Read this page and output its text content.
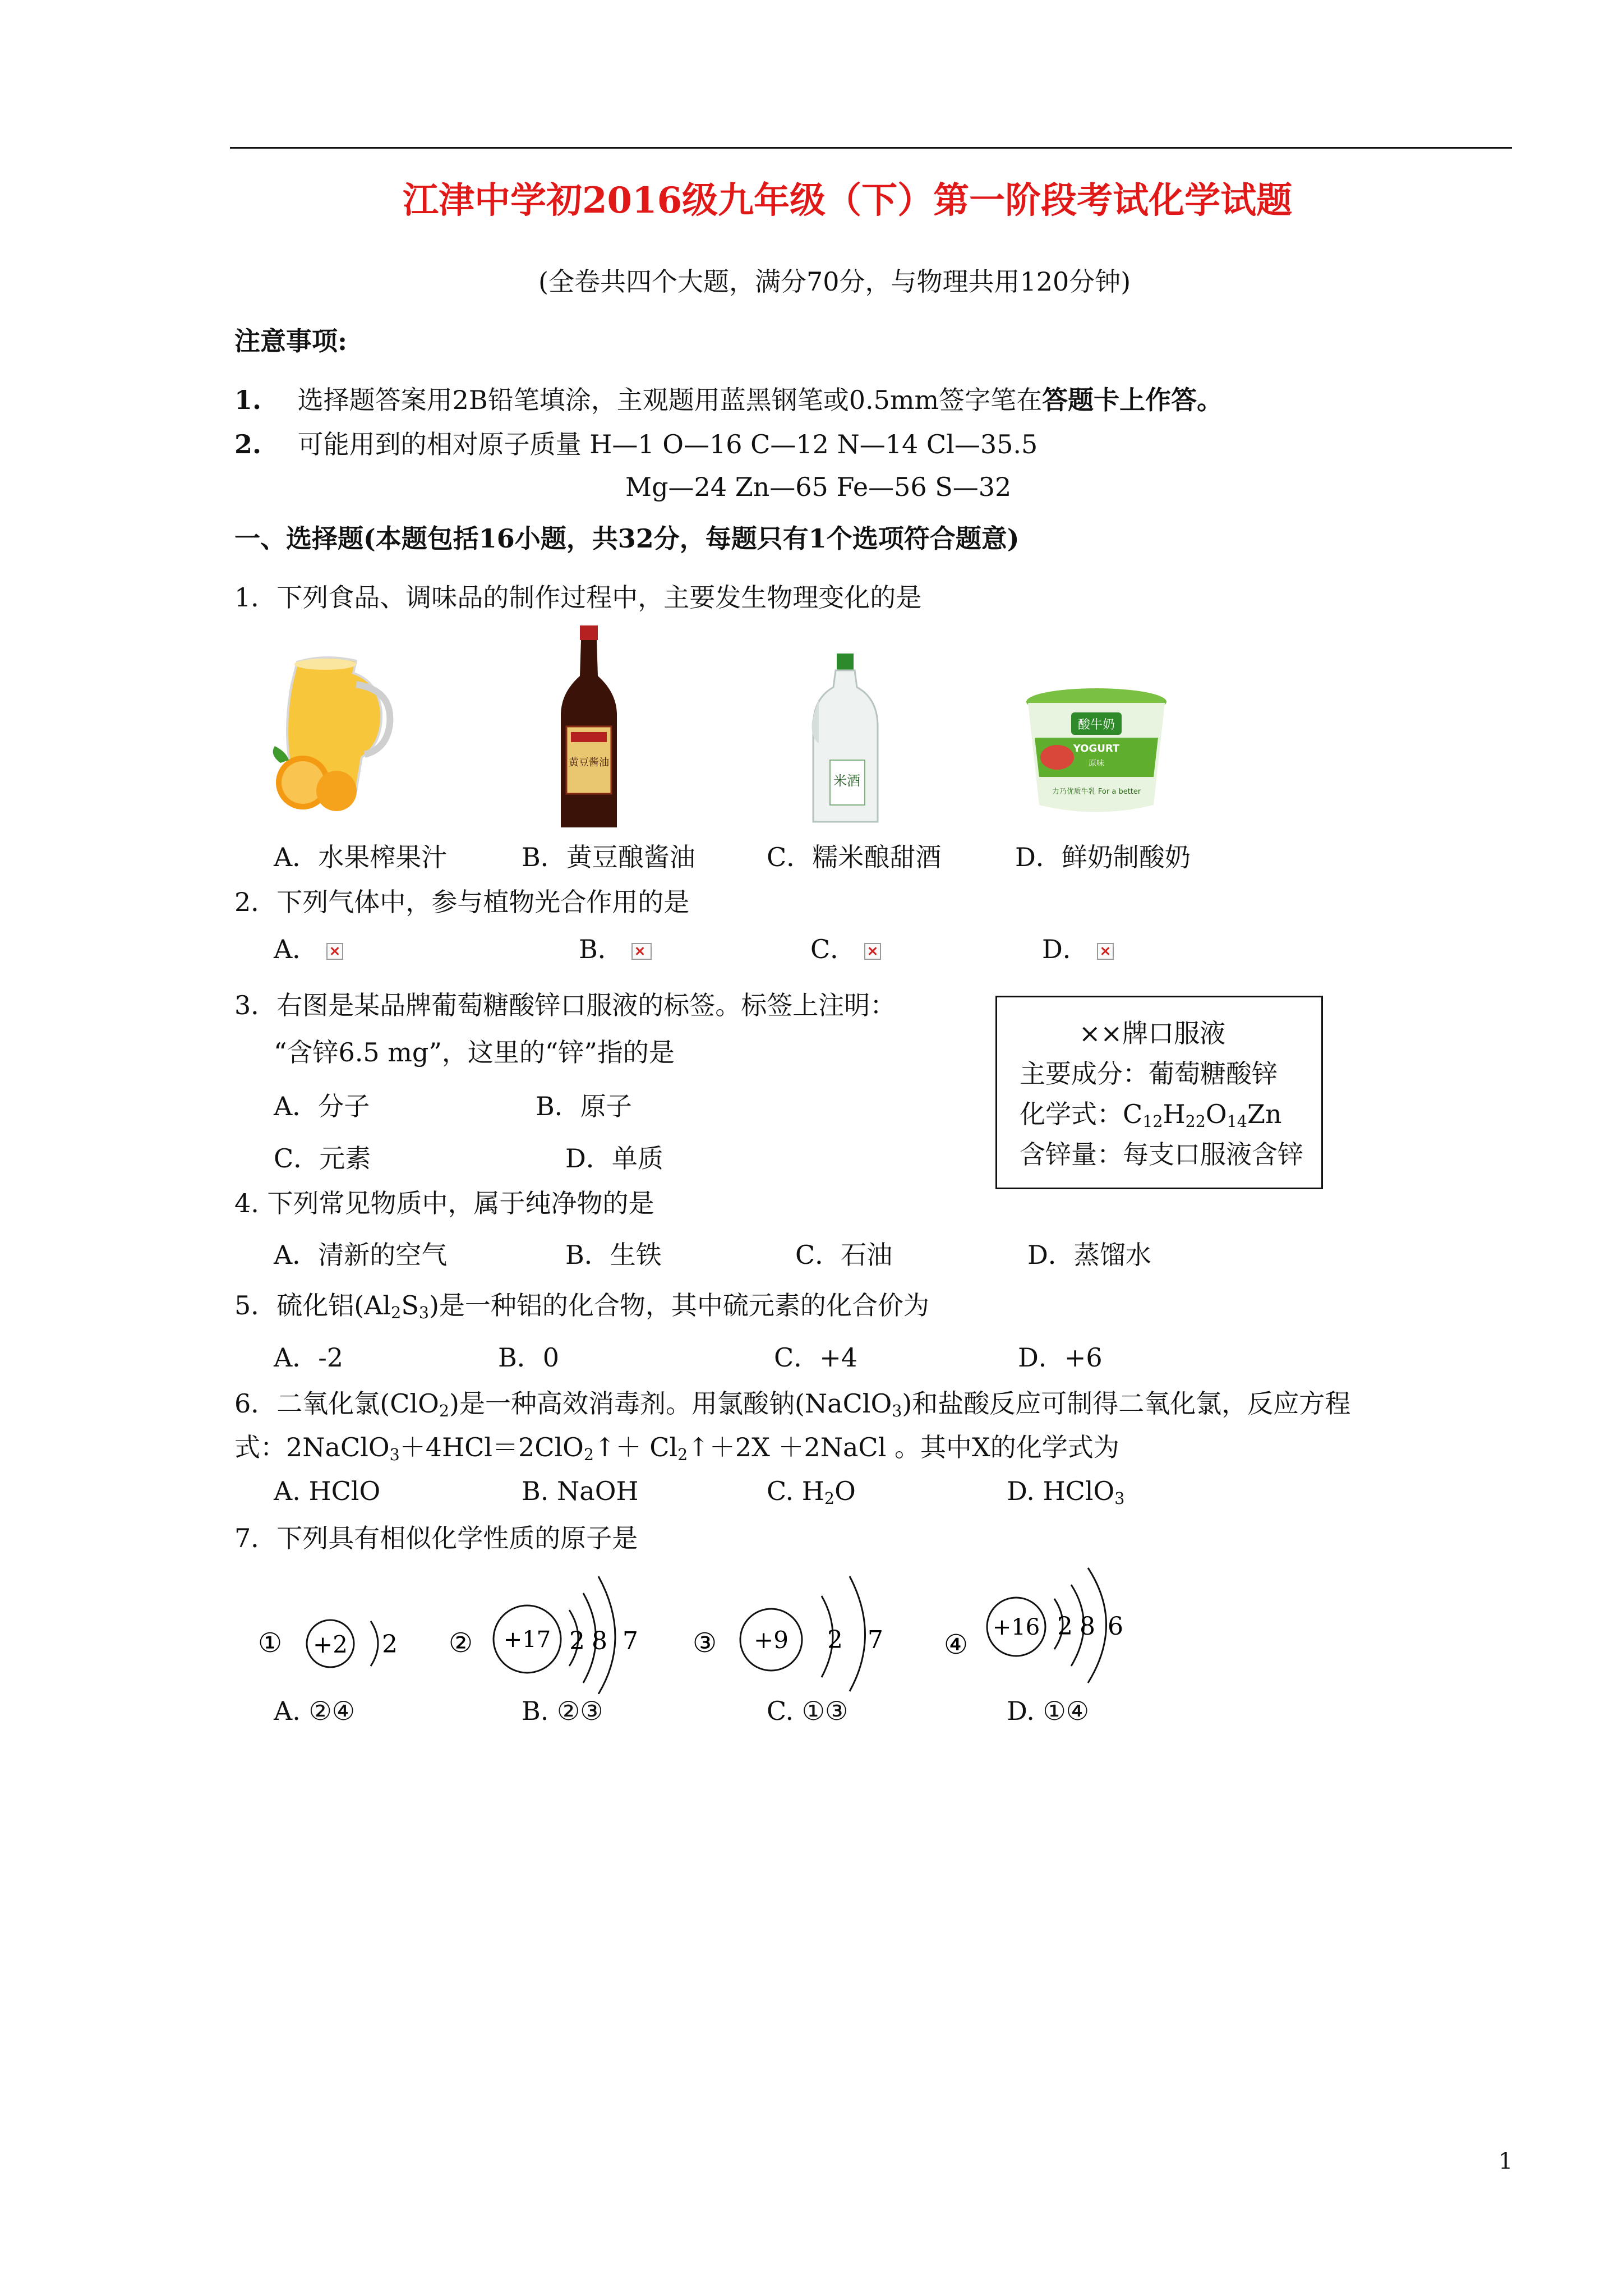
江津中学初2016级九年级（下）第一阶段考试化学试题
(全卷共四个大题，满分70分，与物理共用120分钟)
注意事项:
1. 选择题答案用2B铅笔填涂，主观题用蓝黑钢笔或0.5mm签字笔在答题卡上作答。
2. 可能用到的相对原子质量 H—1 O—16 C—12 N—14 Cl—35.5
Mg—24 Zn—65 Fe—56 S—32
一、选择题(本题包括16小题，共32分，每题只有1个选项符合题意)
1．下列食品、调味品的制作过程中，主要发生物理变化的是
黄豆酱油
米酒
酸牛奶
YOGURT
原味
力乃优质牛乳 For a better
A．水果榨果汁	B．黄豆酿酱油	C．糯米酿甜酒	D．鲜奶制酸奶
2．下列气体中，参与植物光合作用的是
A．	B．	C．	D．
3．右图是某品牌葡萄糖酸锌口服液的标签。标签上注明：
“含锌6.5 mg”，这里的“锌”指的是
A．分子	B．原子
C．元素	D．单质
××牌口服液
主要成分：葡萄糖酸锌
化学式：$C_{12}H_{22}O_{14}Zn$
含锌量：每支口服液含锌
4. 下列常见物质中，属于纯净物的是
A．清新的空气	B．生铁	C．石油	D．蒸馏水
5．硫化铝$(Al_2S_3)$是一种铝的化合物，其中硫元素的化合价为
A．-2	B．0	C．+4	D．+6
6．二氧化氯(ClO$_2$)是一种高效消毒剂。用氯酸钠(NaClO$_3$)和盐酸反应可制得二氧化氯，反应方程
式：2NaClO$_3$＋4HCl＝2ClO$_2$↑＋ $Cl_2↑+2X$ ＋2NaCl 。其中X的化学式为
A. HClO	B. NaOH	C. $H_2O$	D. HClO$_3$
7．下列具有相似化学性质的原子是
① +2 2 ② +17 2 8 7 ③ +9 2 7 ④
+16 2 8 6
A. ②④	B. ②③	C. ①③	D. ①④
1
